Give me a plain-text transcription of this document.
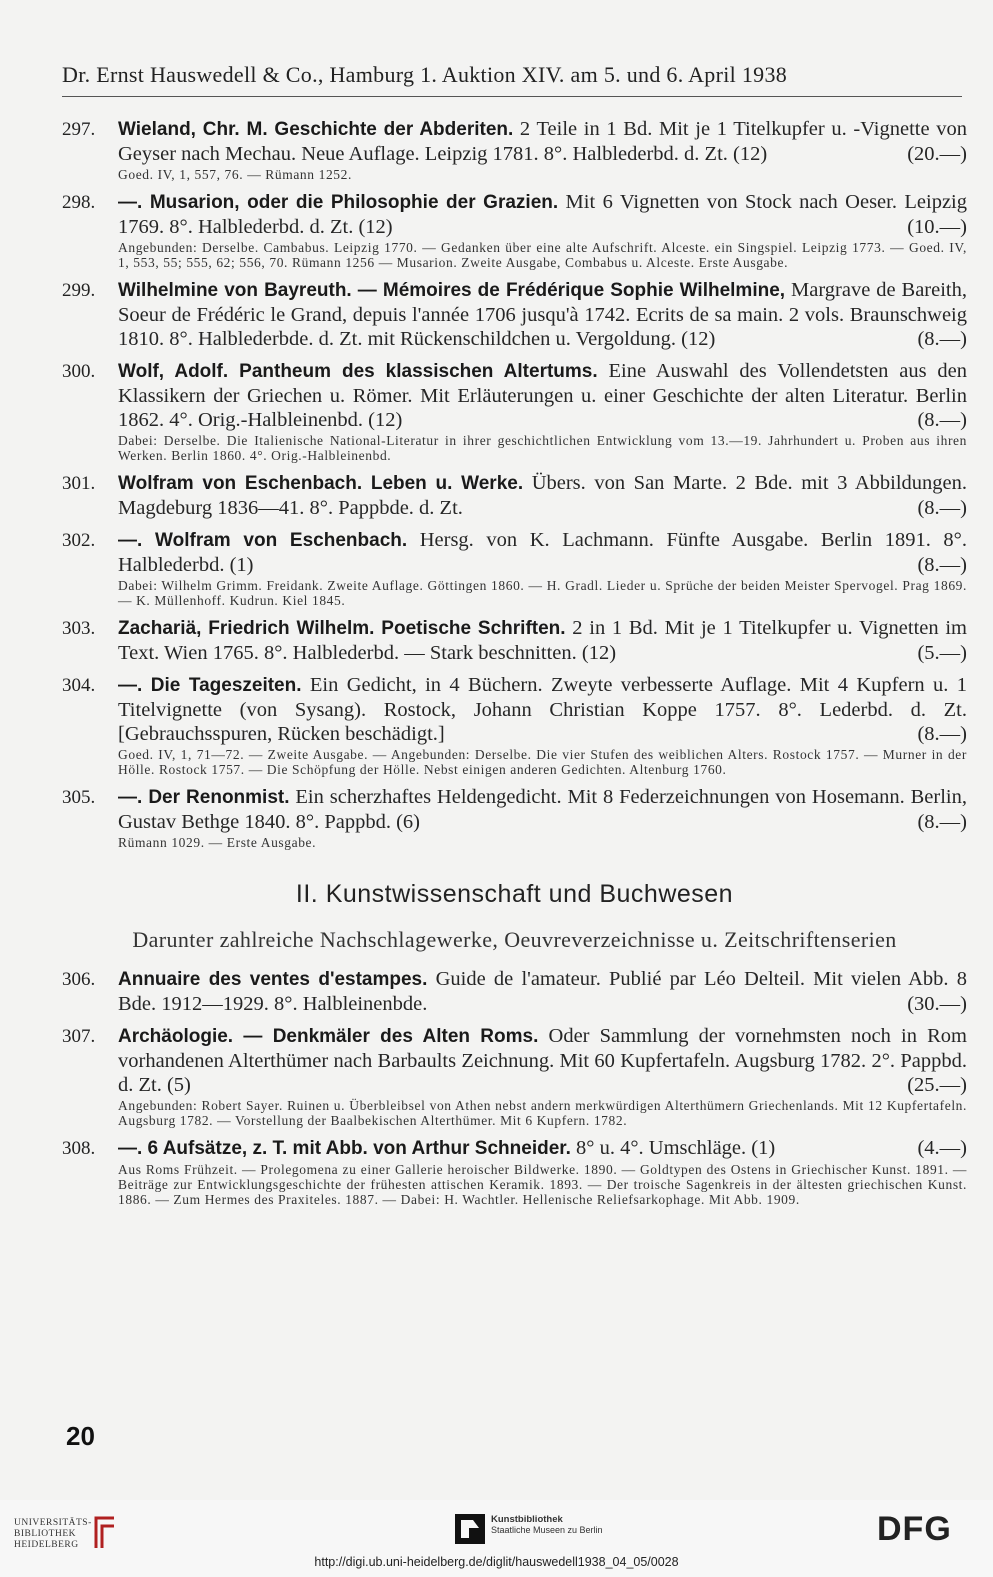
Dr. Ernst Hauswedell & Co., Hamburg 1. Auktion XIV. am 5. und 6. April 1938
297. Wieland, Chr. M. Geschichte der Abderiten. 2 Teile in 1 Bd. Mit je 1 Titelkupfer u. -Vignette von Geyser nach Mechau. Neue Auflage. Leipzig 1781. 8°. Halblederbd. d. Zt. (12)	(20.—)
Goed. IV, 1, 557, 76. — Rümann 1252.
298. —. Musarion, oder die Philosophie der Grazien. Mit 6 Vignetten von Stock nach Oeser. Leipzig 1769. 8°. Halblederbd. d. Zt. (12)	(10.—)
Angebunden: Derselbe. Cambabus. Leipzig 1770. — Gedanken über eine alte Aufschrift. Alceste. ein Singspiel. Leipzig 1773. — Goed. IV, 1, 553, 55; 555, 62; 556, 70. Rümann 1256 — Musarion. Zweite Ausgabe, Combabus u. Alceste. Erste Ausgabe.
299. Wilhelmine von Bayreuth. — Mémoires de Frédérique Sophie Wilhelmine, Margrave de Bareith, Soeur de Frédéric le Grand, depuis l'année 1706 jusqu'à 1742. Ecrits de sa main. 2 vols. Braunschweig 1810. 8°. Halblederbde. d. Zt. mit Rückenschildchen u. Vergoldung. (12)	(8.—)
300. Wolf, Adolf. Pantheum des klassischen Altertums. Eine Auswahl des Vollendetsten aus den Klassikern der Griechen u. Römer. Mit Erläuterungen u. einer Geschichte der alten Literatur. Berlin 1862. 4°. Orig.-Halbleinenbd. (12)	(8.—)
Dabei: Derselbe. Die Italienische National-Literatur in ihrer geschichtlichen Entwicklung vom 13.—19. Jahrhundert u. Proben aus ihren Werken. Berlin 1860. 4°. Orig.-Halbleinenbd.
301. Wolfram von Eschenbach. Leben u. Werke. Übers. von San Marte. 2 Bde. mit 3 Abbildungen. Magdeburg 1836—41. 8°. Pappbde. d. Zt.	(8.—)
302. —. Wolfram von Eschenbach. Hersg. von K. Lachmann. Fünfte Ausgabe. Berlin 1891. 8°. Halblederbd. (1)	(8.—)
Dabei: Wilhelm Grimm. Freidank. Zweite Auflage. Göttingen 1860. — H. Gradl. Lieder u. Sprüche der beiden Meister Spervogel. Prag 1869. — K. Müllenhoff. Kudrun. Kiel 1845.
303. Zachariä, Friedrich Wilhelm. Poetische Schriften. 2 in 1 Bd. Mit je 1 Titelkupfer u. Vignetten im Text. Wien 1765. 8°. Halblederbd. — Stark beschnitten. (12)	(5.—)
304. —. Die Tageszeiten. Ein Gedicht, in 4 Büchern. Zweyte verbesserte Auflage. Mit 4 Kupfern u. 1 Titelvignette (von Sysang). Rostock, Johann Christian Koppe 1757. 8°. Lederbd. d. Zt. [Gebrauchsspuren, Rücken beschädigt.]	(8.—)
Goed. IV, 1, 71—72. — Zweite Ausgabe. — Angebunden: Derselbe. Die vier Stufen des weiblichen Alters. Rostock 1757. — Murner in der Hölle. Rostock 1757. — Die Schöpfung der Hölle. Nebst einigen anderen Gedichten. Altenburg 1760.
305. —. Der Renonmist. Ein scherzhaftes Heldengedicht. Mit 8 Federzeichnungen von Hosemann. Berlin, Gustav Bethge 1840. 8°. Pappbd. (6)	(8.—)
Rümann 1029. — Erste Ausgabe.
II. Kunstwissenschaft und Buchwesen
Darunter zahlreiche Nachschlagewerke, Oeuvreverzeichnisse u. Zeitschriftenserien
306. Annuaire des ventes d'estampes. Guide de l'amateur. Publié par Léo Delteil. Mit vielen Abb. 8 Bde. 1912—1929. 8°. Halbleinenbde.	(30.—)
307. Archäologie. — Denkmäler des Alten Roms. Oder Sammlung der vornehmsten noch in Rom vorhandenen Alterthümer nach Barbaults Zeichnung. Mit 60 Kupfertafeln. Augsburg 1782. 2°. Pappbd. d. Zt. (5)	(25.—)
Angebunden: Robert Sayer. Ruinen u. Überbleibsel von Athen nebst andern merkwürdigen Alterthümern Griechenlands. Mit 12 Kupfertafeln. Augsburg 1782. — Vorstellung der Baalbekischen Alterthümer. Mit 6 Kupfern. 1782.
308. —. 6 Aufsätze, z. T. mit Abb. von Arthur Schneider. 8° u. 4°. Umschläge. (1)	(4.—)
Aus Roms Frühzeit. — Prolegomena zu einer Gallerie heroischer Bildwerke. 1890. — Goldtypen des Ostens in Griechischer Kunst. 1891. — Beiträge zur Entwicklungsgeschichte der frühesten attischen Keramik. 1893. — Der troische Sagenkreis in der ältesten griechischen Kunst. 1886. — Zum Hermes des Praxiteles. 1887. — Dabei: H. Wachtler. Hellenische Reliefsarkophage. Mit Abb. 1909.
20
UNIVERSITÄTS-
BIBLIOTHEK
HEIDELBERG
Kunstbibliothek
Staatliche Museen zu Berlin	DFG
http://digi.ub.uni-heidelberg.de/diglit/hauswedell1938_04_05/0028
